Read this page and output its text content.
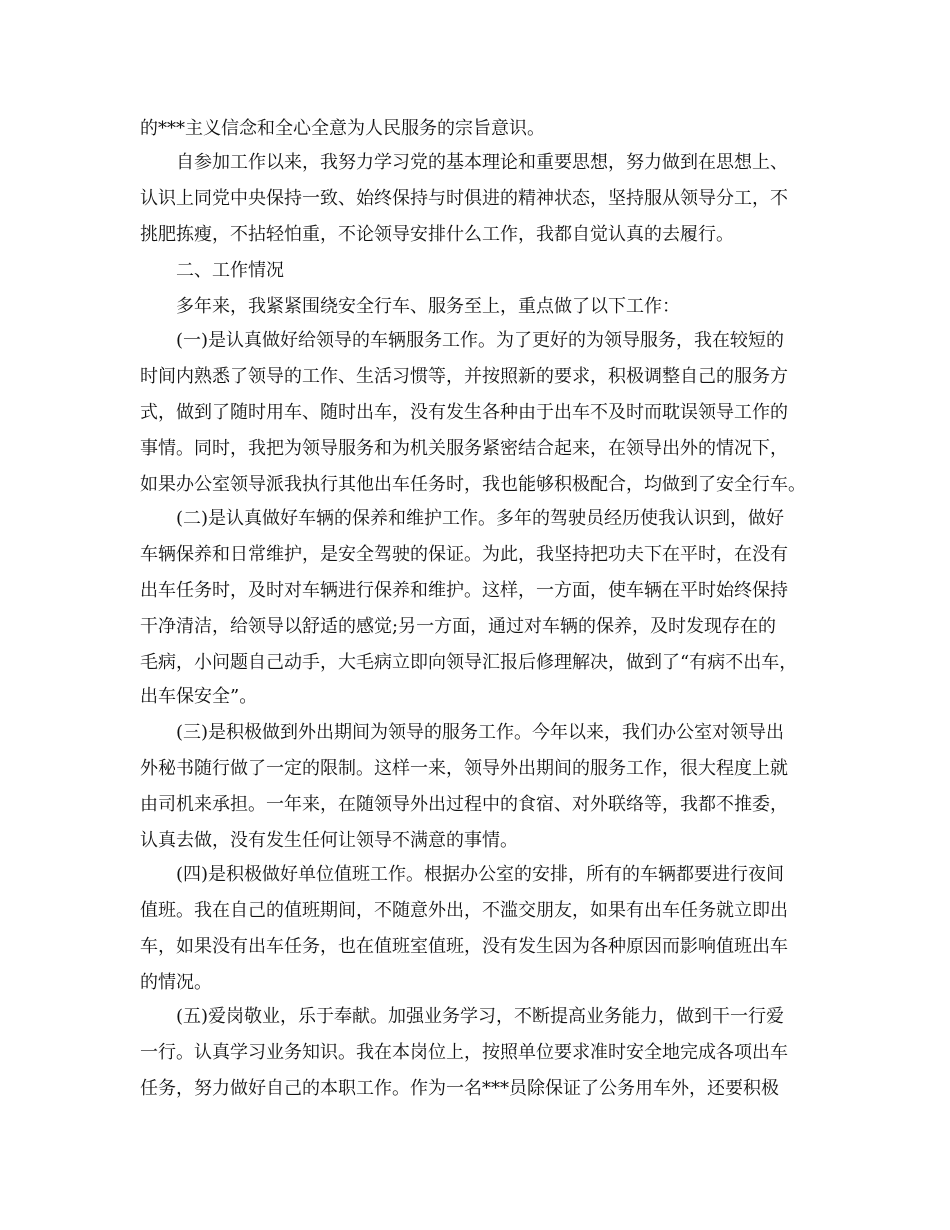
的***主义信念和全心全意为人民服务的宗旨意识。
自参加工作以来，我努力学习党的基本理论和重要思想，努力做到在思想上、
认识上同党中央保持一致、始终保持与时俱进的精神状态，坚持服从领导分工，不
挑肥拣瘦，不拈轻怕重，不论领导安排什么工作，我都自觉认真的去履行。
二、工作情况
多年来，我紧紧围绕安全行车、服务至上，重点做了以下工作：
(一)是认真做好给领导的车辆服务工作。为了更好的为领导服务，我在较短的
时间内熟悉了领导的工作、生活习惯等，并按照新的要求，积极调整自己的服务方
式，做到了随时用车、随时出车，没有发生各种由于出车不及时而耽误领导工作的
事情。同时，我把为领导服务和为机关服务紧密结合起来，在领导出外的情况下，
如果办公室领导派我执行其他出车任务时，我也能够积极配合，均做到了安全行车。
(二)是认真做好车辆的保养和维护工作。多年的驾驶员经历使我认识到，做好
车辆保养和日常维护，是安全驾驶的保证。为此，我坚持把功夫下在平时，在没有
出车任务时，及时对车辆进行保养和维护。这样，一方面，使车辆在平时始终保持
干净清洁，给领导以舒适的感觉;另一方面，通过对车辆的保养，及时发现存在的
毛病，小问题自己动手，大毛病立即向领导汇报后修理解决，做到了“有病不出车，
出车保安全”。
(三)是积极做到外出期间为领导的服务工作。今年以来，我们办公室对领导出
外秘书随行做了一定的限制。这样一来，领导外出期间的服务工作，很大程度上就
由司机来承担。一年来，在随领导外出过程中的食宿、对外联络等，我都不推委，
认真去做，没有发生任何让领导不满意的事情。
(四)是积极做好单位值班工作。根据办公室的安排，所有的车辆都要进行夜间
值班。我在自己的值班期间，不随意外出，不滥交朋友，如果有出车任务就立即出
车，如果没有出车任务，也在值班室值班，没有发生因为各种原因而影响值班出车
的情况。
(五)爱岗敬业，乐于奉献。加强业务学习，不断提高业务能力，做到干一行爱
一行。认真学习业务知识。我在本岗位上，按照单位要求准时安全地完成各项出车
任务，努力做好自己的本职工作。作为一名***员除保证了公务用车外，还要积极
